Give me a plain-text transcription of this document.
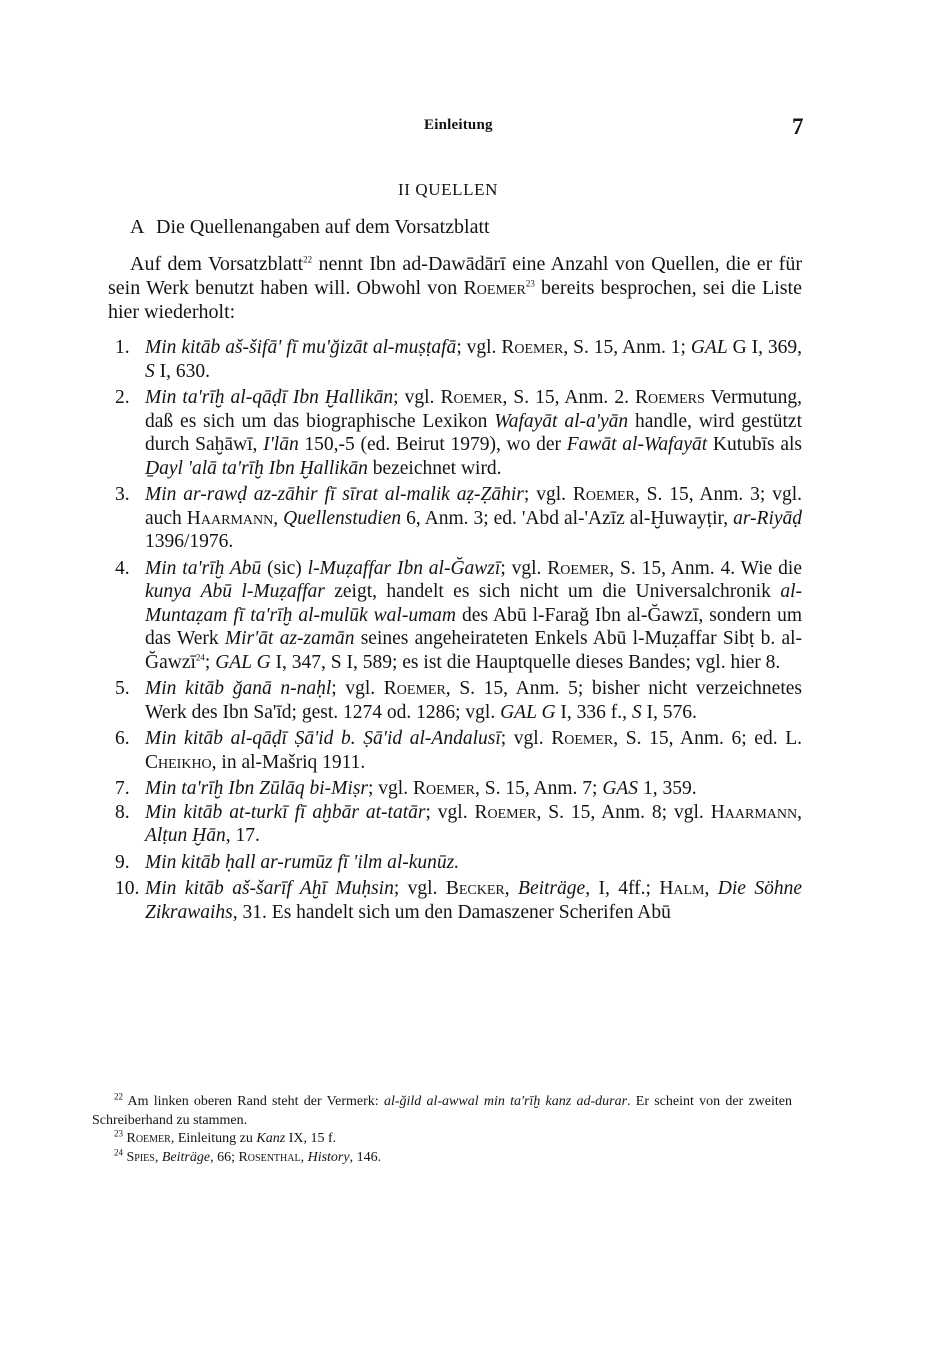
Einleitung	7
II QUELLEN
A Die Quellenangaben auf dem Vorsatzblatt
Auf dem Vorsatzblatt$^{22}$ nennt Ibn ad-Dawādārī eine Anzahl von Quellen, die er für sein Werk benutzt haben will. Obwohl von Roemer$^{23}$ bereits besprochen, sei die Liste hier wiederholt:
1. Min kitāb aš-šifā' fī mu'ğizāt al-muṣṭafā; vgl. Roemer, S. 15, Anm. 1; GAL G I, 369, S I, 630.
2. Min ta'rīḫ al-qāḍī Ibn Ḫallikān; vgl. Roemer, S. 15, Anm. 2. Roemers Vermutung, daß es sich um das biographische Lexikon Wafayāt al-a'yān handle, wird gestützt durch Saḫāwī, I'lān 150,-5 (ed. Beirut 1979), wo der Fawāt al-Wafayāt Kutubīs als Ḏayl 'alā ta'rīḫ Ibn Ḫallikān bezeichnet wird.
3. Min ar-rawḍ az-zāhir fī sīrat al-malik aẓ-Ẓāhir; vgl. Roemer, S. 15, Anm. 3; vgl. auch Haarmann, Quellenstudien 6, Anm. 3; ed. 'Abd al-'Azīz al-Ḫuwayṭir, ar-Riyāḍ 1396/1976.
4. Min ta'rīḫ Abū (sic) l-Muẓaffar Ibn al-Ğawzī; vgl. Roemer, S. 15, Anm. 4. Wie die kunya Abū l-Muẓaffar zeigt, handelt es sich nicht um die Universalchronik al-Muntaẓam fī ta'rīḫ al-mulūk wal-umam des Abū l-Farağ Ibn al-Ğawzī, sondern um das Werk Mir'āt az-zamān seines angeheirateten Enkels Abū l-Muẓaffar Sibṭ b. al-Ğawzī$^{24}$; GAL G I, 347, S I, 589; es ist die Hauptquelle dieses Bandes; vgl. hier 8.
5. Min kitāb ğanā n-naḥl; vgl. Roemer, S. 15, Anm. 5; bisher nicht verzeichnetes Werk des Ibn Sa'īd; gest. 1274 od. 1286; vgl. GAL G I, 336 f., S I, 576.
6. Min kitāb al-qāḍī Ṣā'id b. Ṣā'id al-Andalusī; vgl. Roemer, S. 15, Anm. 6; ed. L. Cheikho, in al-Mašriq 1911.
7. Min ta'rīḫ Ibn Zūlāq bi-Miṣr; vgl. Roemer, S. 15, Anm. 7; GAS 1, 359.
8. Min kitāb at-turkī fī aḫbār at-tatār; vgl. Roemer, S. 15, Anm. 8; vgl. Haarmann, Alṭun Ḫān, 17.
9. Min kitāb ḥall ar-rumūz fī 'ilm al-kunūz.
10. Min kitāb aš-šarīf Aḫī Muḥsin; vgl. Becker, Beiträge, I, 4ff.; Halm, Die Söhne Zikrawaihs, 31. Es handelt sich um den Damaszener Scherifen Abū
$^{22}$ Am linken oberen Rand steht der Vermerk: al-ğild al-awwal min ta'rīḫ kanz ad-durar. Er scheint von der zweiten Schreiberhand zu stammen.
$^{23}$ Roemer, Einleitung zu Kanz IX, 15 f.
$^{24}$ Spies, Beiträge, 66; Rosenthal, History, 146.
